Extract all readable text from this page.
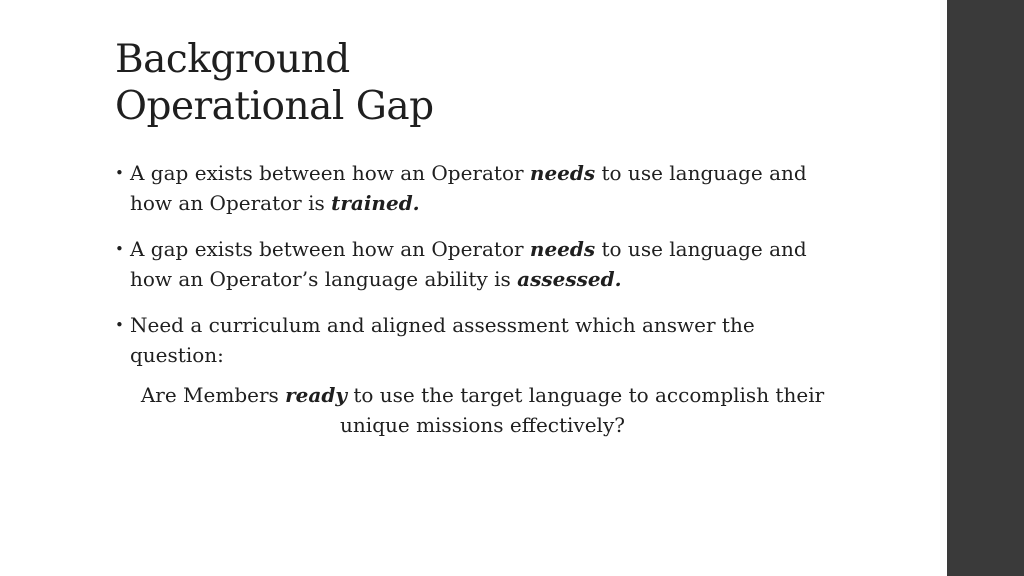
Background
Operational Gap
• A gap exists between how an Operator needs to use language and how an Operator is trained.
• A gap exists between how an Operator needs to use language and how an Operator’s language ability is assessed.
• Need a curriculum and aligned assessment which answer the question:

Are Members ready to use the target language to accomplish their unique missions effectively?
